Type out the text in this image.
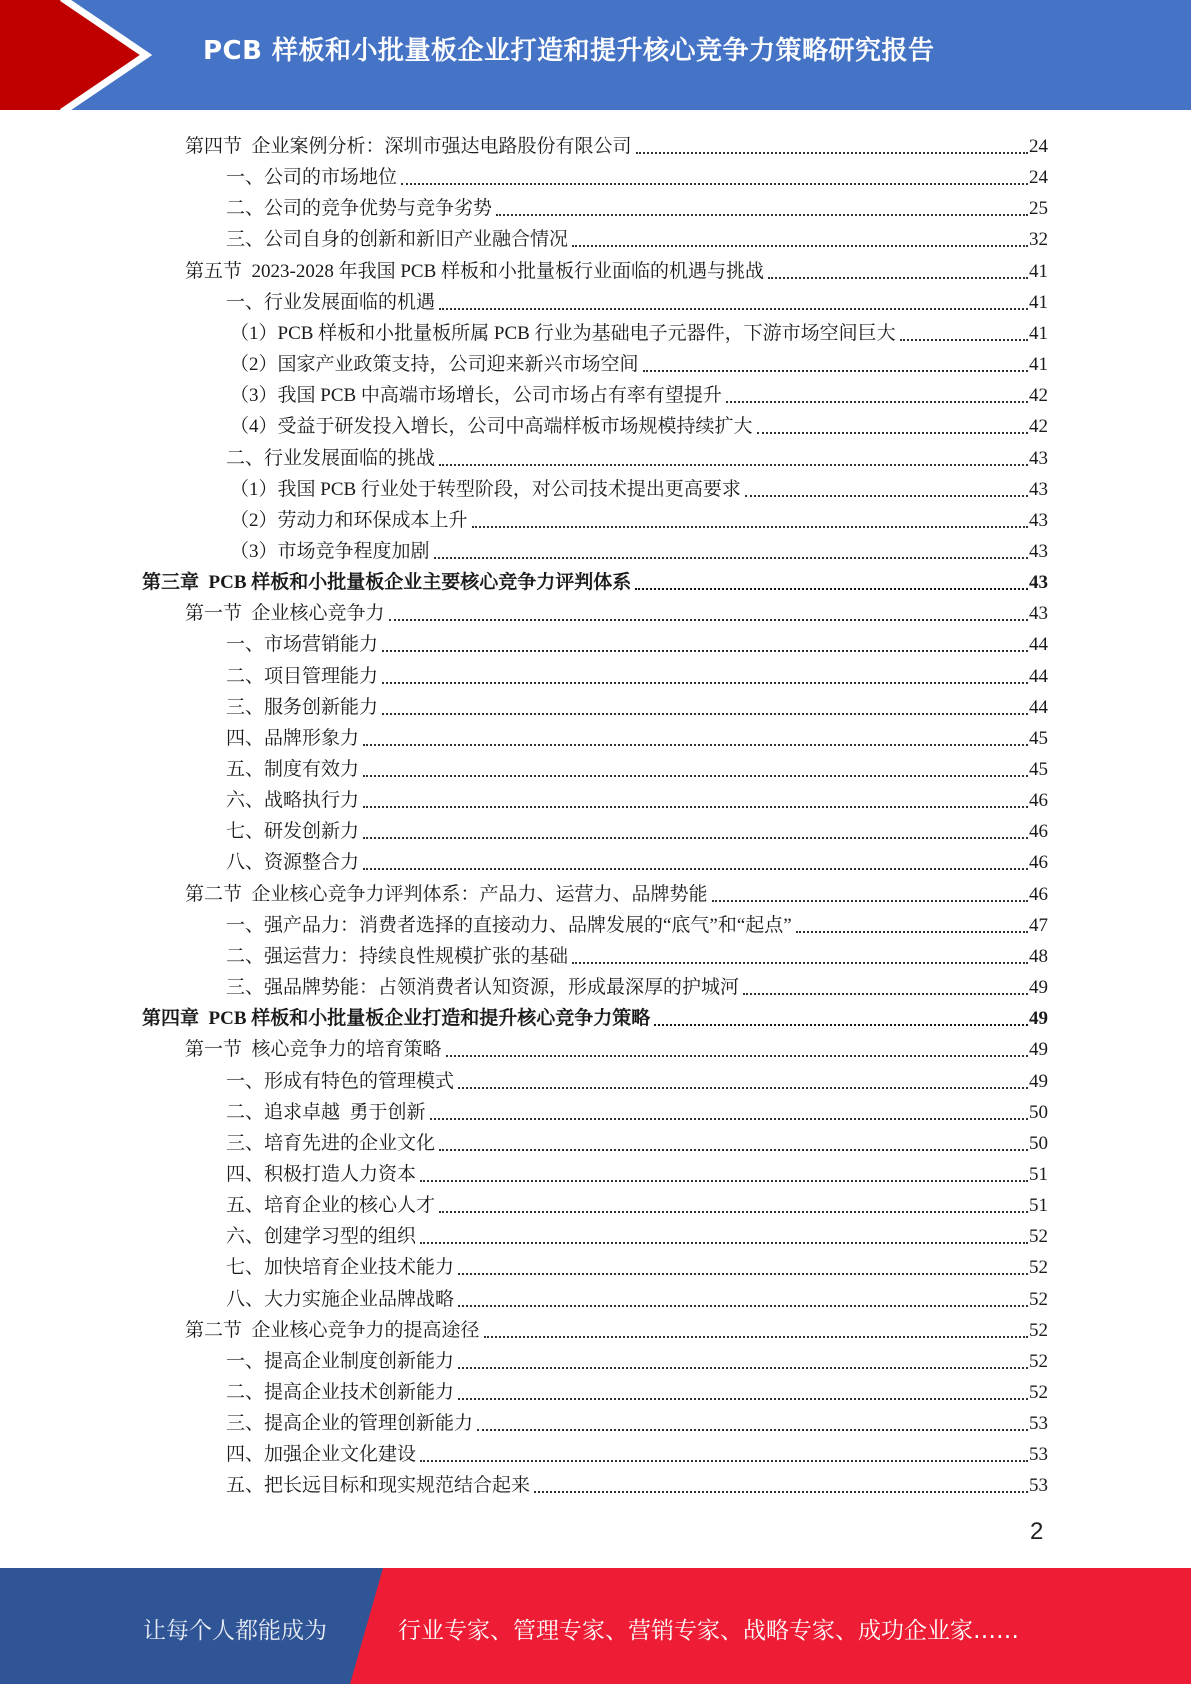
PCB 样板和小批量板企业打造和提升核心竞争力策略研究报告
第四节  企业案例分析：深圳市强达电路股份有限公司	24
一、公司的市场地位	24
二、公司的竞争优势与竞争劣势	25
三、公司自身的创新和新旧产业融合情况	32
第五节  2023-2028 年我国 PCB 样板和小批量板行业面临的机遇与挑战	41
一、行业发展面临的机遇	41
（1）PCB 样板和小批量板所属 PCB 行业为基础电子元器件，下游市场空间巨大	41
（2）国家产业政策支持，公司迎来新兴市场空间	41
（3）我国 PCB 中高端市场增长，公司市场占有率有望提升	42
（4）受益于研发投入增长，公司中高端样板市场规模持续扩大	42
二、行业发展面临的挑战	43
（1）我国 PCB 行业处于转型阶段，对公司技术提出更高要求	43
（2）劳动力和环保成本上升	43
（3）市场竞争程度加剧	43
第三章  PCB 样板和小批量板企业主要核心竞争力评判体系	43
第一节  企业核心竞争力	43
一、市场营销能力	44
二、项目管理能力	44
三、服务创新能力	44
四、品牌形象力	45
五、制度有效力	45
六、战略执行力	46
七、研发创新力	46
八、资源整合力	46
第二节  企业核心竞争力评判体系：产品力、运营力、品牌势能	46
一、强产品力：消费者选择的直接动力、品牌发展的“底气”和“起点”	47
二、强运营力：持续良性规模扩张的基础	48
三、强品牌势能：占领消费者认知资源，形成最深厚的护城河	49
第四章  PCB 样板和小批量板企业打造和提升核心竞争力策略	49
第一节  核心竞争力的培育策略	49
一、形成有特色的管理模式	49
二、追求卓越  勇于创新	50
三、培育先进的企业文化	50
四、积极打造人力资本	51
五、培育企业的核心人才	51
六、创建学习型的组织	52
七、加快培育企业技术能力	52
八、大力实施企业品牌战略	52
第二节  企业核心竞争力的提高途径	52
一、提高企业制度创新能力	52
二、提高企业技术创新能力	52
三、提高企业的管理创新能力	53
四、加强企业文化建设	53
五、把长远目标和现实规范结合起来	53
2
让每个人都能成为	行业专家、管理专家、营销专家、战略专家、成功企业家……
